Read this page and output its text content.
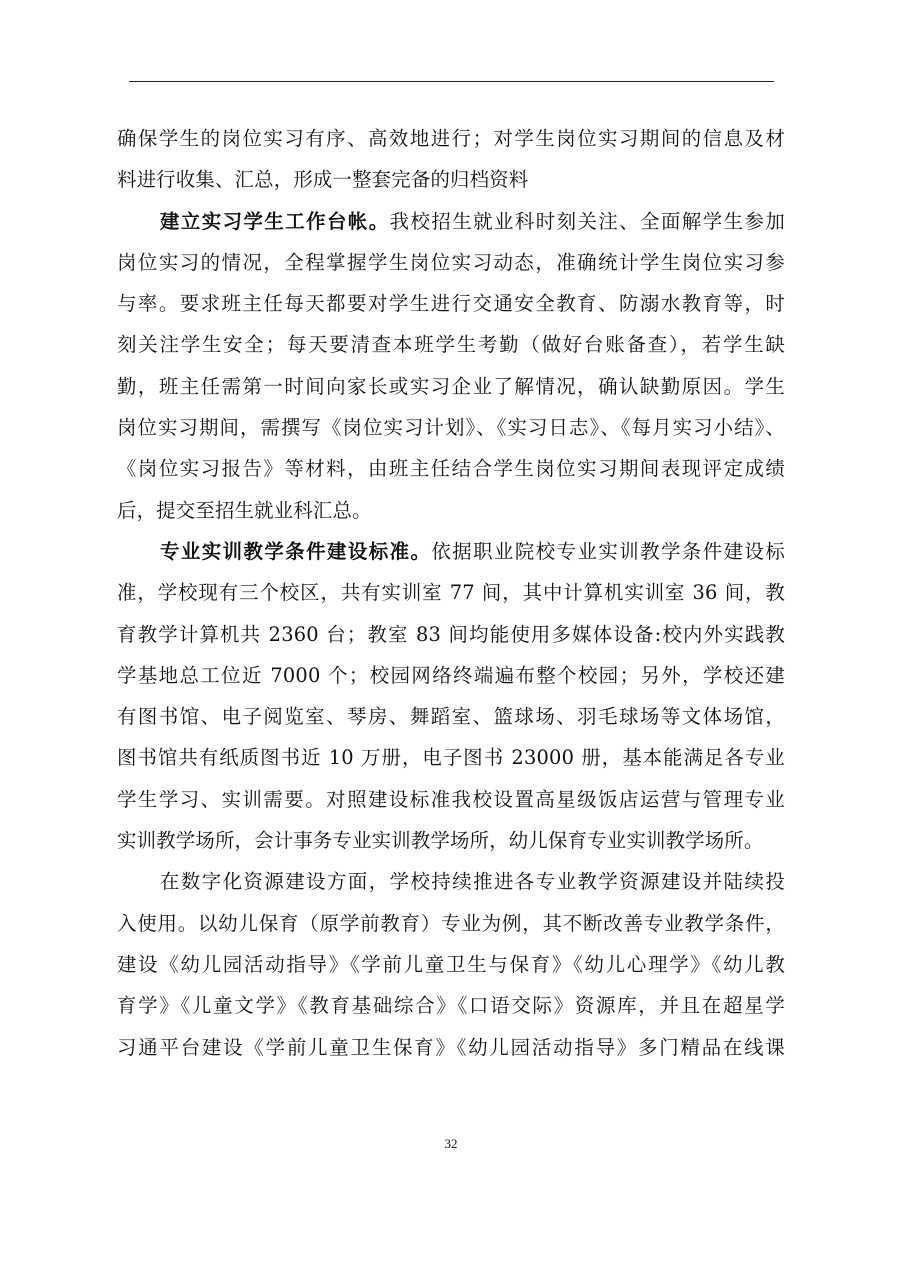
确保学生的岗位实习有序、高效地进行；对学生岗位实习期间的信息及材
料进行收集、汇总，形成一整套完备的归档资料
建立实习学生工作台帐。我校招生就业科时刻关注、全面解学生参加
岗位实习的情况，全程掌握学生岗位实习动态，准确统计学生岗位实习参
与率。要求班主任每天都要对学生进行交通安全教育、防溺水教育等，时
刻关注学生安全；每天要清查本班学生考勤（做好台账备查），若学生缺
勤，班主任需第一时间向家长或实习企业了解情况，确认缺勤原因。学生
岗位实习期间，需撰写《岗位实习计划》、《实习日志》、《每月实习小结》、
《岗位实习报告》等材料，由班主任结合学生岗位实习期间表现评定成绩
后，提交至招生就业科汇总。
专业实训教学条件建设标准。依据职业院校专业实训教学条件建设标
准，学校现有三个校区，共有实训室 77 间，其中计算机实训室 36 间，教
育教学计算机共 2360 台；教室 83 间均能使用多媒体设备:校内外实践教
学基地总工位近 7000 个；校园网络终端遍布整个校园；另外，学校还建
有图书馆、电子阅览室、琴房、舞蹈室、篮球场、羽毛球场等文体场馆，
图书馆共有纸质图书近 10 万册，电子图书 23000 册，基本能满足各专业
学生学习、实训需要。对照建设标准我校设置高星级饭店运营与管理专业
实训教学场所，会计事务专业实训教学场所，幼儿保育专业实训教学场所。
在数字化资源建设方面，学校持续推进各专业教学资源建设并陆续投
入使用。以幼儿保育（原学前教育）专业为例，其不断改善专业教学条件，
建设《幼儿园活动指导》《学前儿童卫生与保育》《幼儿心理学》《幼儿教
育学》《儿童文学》《教育基础综合》《口语交际》资源库，并且在超星学
习通平台建设《学前儿童卫生保育》《幼儿园活动指导》多门精品在线课
32
